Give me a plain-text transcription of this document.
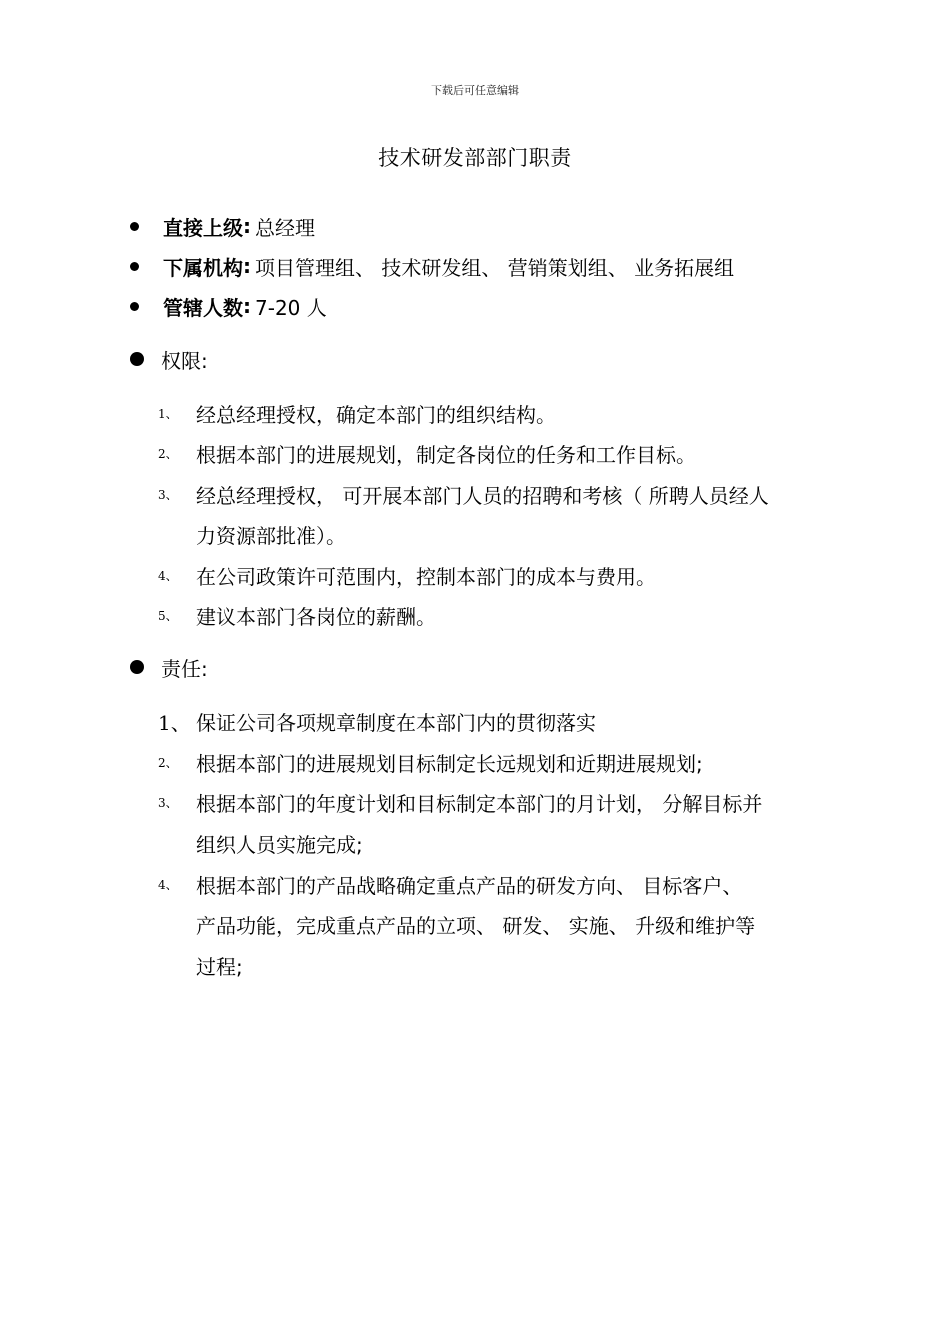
下载后可任意编辑
技术研发部部门职责
直接上级 : 总经理
下属机构 : 项目管理组、 技术研发组、 营销策划组、 业务拓展组
管辖人数 : 7-20 人
权限:
1、 经总经理授权，确定本部门的组织结构。
2、 根据本部门的进展规划，制定各岗位的任务和工作目标。
3、 经总经理授权， 可开展本部门人员的招聘和考核（ 所聘人员经人
力资源部批准）。
4、 在公司政策许可范围内，控制本部门的成本与费用。
5、 建议本部门各岗位的薪酬。
责任:
1、 保证公司各项规章制度在本部门内的贯彻落实
2、 根据本部门的进展规划目标制定长远规划和近期进展规划;
3、 根据本部门的年度计划和目标制定本部门的月计划， 分解目标并
组织人员实施完成;
4、 根据本部门的产品战略确定重点产品的研发方向、 目标客户、
产品功能，完成重点产品的立项、 研发、 实施、 升级和维护等
过程;
